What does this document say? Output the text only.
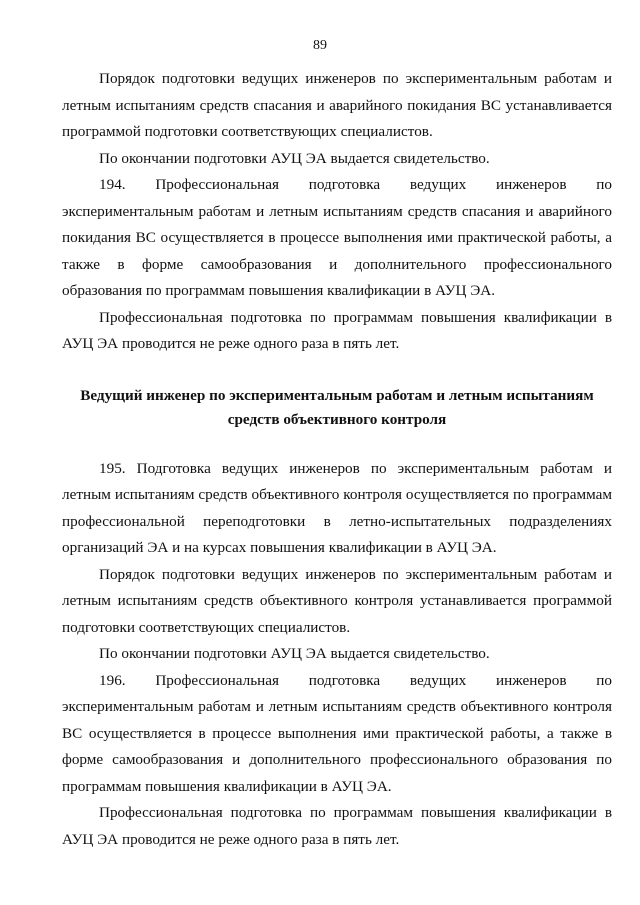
89

Порядок подготовки ведущих инженеров по экспериментальным работам и летным испытаниям средств спасания и аварийного покидания ВС устанавливается программой подготовки соответствующих специалистов.

По окончании подготовки АУЦ ЭА выдается свидетельство.

194. Профессиональная подготовка ведущих инженеров по экспериментальным работам и летным испытаниям средств спасания и аварийного покидания ВС осуществляется в процессе выполнения ими практической работы, а также в форме самообразования и дополнительного профессионального образования по программам повышения квалификации в АУЦ ЭА.

Профессиональная подготовка по программам повышения квалификации в АУЦ ЭА проводится не реже одного раза в пять лет.

Ведущий инженер по экспериментальным работам и летным испытаниям средств объективного контроля

195. Подготовка ведущих инженеров по экспериментальным работам и летным испытаниям средств объективного контроля осуществляется по программам профессиональной переподготовки в летно-испытательных подразделениях организаций ЭА и на курсах повышения квалификации в АУЦ ЭА.

Порядок подготовки ведущих инженеров по экспериментальным работам и летным испытаниям средств объективного контроля устанавливается программой подготовки соответствующих специалистов.

По окончании подготовки АУЦ ЭА выдается свидетельство.

196. Профессиональная подготовка ведущих инженеров по экспериментальным работам и летным испытаниям средств объективного контроля ВС осуществляется в процессе выполнения ими практической работы, а также в форме самообразования и дополнительного профессионального образования по программам повышения квалификации в АУЦ ЭА.

Профессиональная подготовка по программам повышения квалификации в АУЦ ЭА проводится не реже одного раза в пять лет.
